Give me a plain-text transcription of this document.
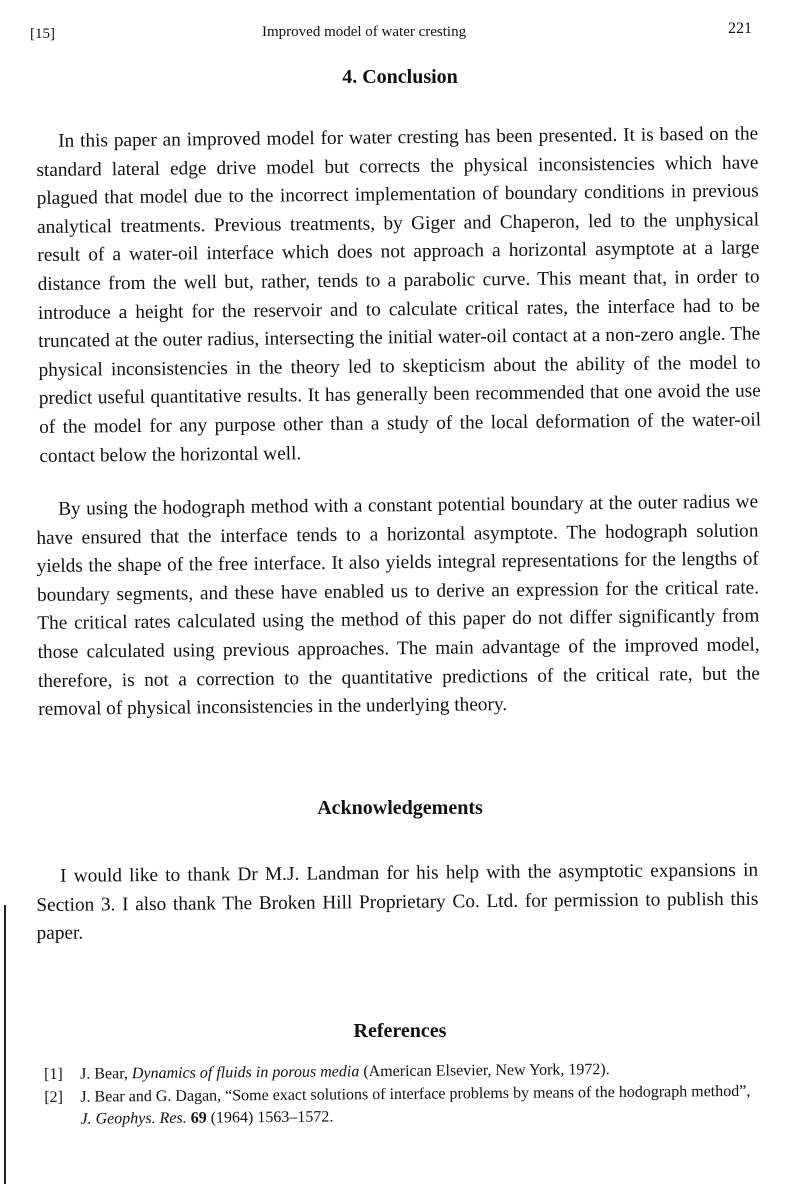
[15]	Improved model of water cresting	221
4. Conclusion

In this paper an improved model for water cresting has been presented. It is based on the standard lateral edge drive model but corrects the physical inconsistencies which have plagued that model due to the incorrect implementation of boundary conditions in previous analytical treatments. Previous treatments, by Giger and Chaperon, led to the unphysical result of a water-oil interface which does not approach a horizontal asymptote at a large distance from the well but, rather, tends to a parabolic curve. This meant that, in order to introduce a height for the reservoir and to calculate critical rates, the interface had to be truncated at the outer radius, intersecting the initial water-oil contact at a non-zero angle. The physical inconsistencies in the theory led to skepticism about the ability of the model to predict useful quantitative results. It has generally been recommended that one avoid the use of the model for any purpose other than a study of the local deformation of the water-oil contact below the horizontal well.

By using the hodograph method with a constant potential boundary at the outer radius we have ensured that the interface tends to a horizontal asymptote. The hodograph solution yields the shape of the free interface. It also yields integral representations for the lengths of boundary segments, and these have enabled us to derive an expression for the critical rate. The critical rates calculated using the method of this paper do not differ significantly from those calculated using previous approaches. The main advantage of the improved model, therefore, is not a correction to the quantitative predictions of the critical rate, but the removal of physical inconsistencies in the underlying theory.

Acknowledgements

I would like to thank Dr M.J. Landman for his help with the asymptotic expansions in Section 3. I also thank The Broken Hill Proprietary Co. Ltd. for permission to publish this paper.

References

[1] J. Bear, Dynamics of fluids in porous media (American Elsevier, New York, 1972).

[2] J. Bear and G. Dagan, “Some exact solutions of interface problems by means of the hodograph method”, J. Geophys. Res. 69 (1964) 1563–1572.
